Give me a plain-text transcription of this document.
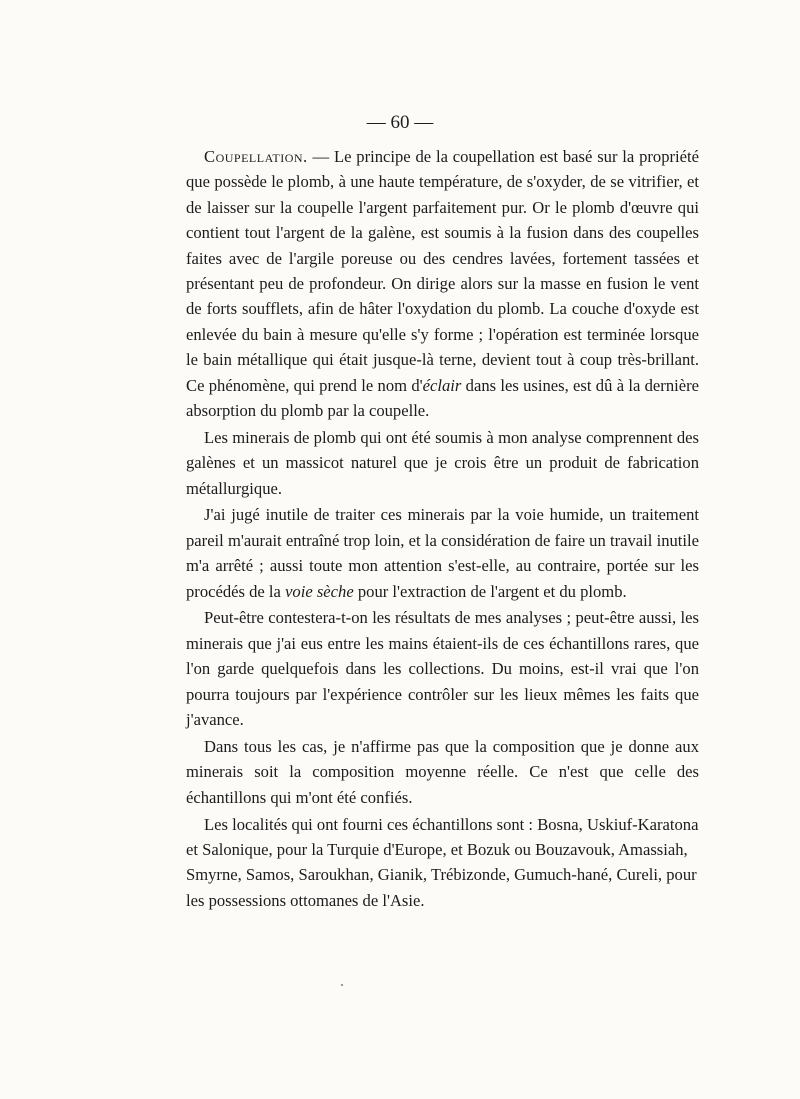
— 60 —

Coupellation. — Le principe de la coupellation est basé sur la propriété que possède le plomb, à une haute température, de s'oxyder, de se vitrifier, et de laisser sur la coupelle l'argent parfaitement pur. Or le plomb d'œuvre qui contient tout l'argent de la galène, est soumis à la fusion dans des coupelles faites avec de l'argile poreuse ou des cendres lavées, fortement tassées et présentant peu de profondeur. On dirige alors sur la masse en fusion le vent de forts soufflets, afin de hâter l'oxydation du plomb. La couche d'oxyde est enlevée du bain à mesure qu'elle s'y forme ; l'opération est terminée lorsque le bain métallique qui était jusque-là terne, devient tout à coup très-brillant. Ce phénomène, qui prend le nom d'éclair dans les usines, est dû à la dernière absorption du plomb par la coupelle.

Les minerais de plomb qui ont été soumis à mon analyse comprennent des galènes et un massicot naturel que je crois être un produit de fabrication métallurgique.

J'ai jugé inutile de traiter ces minerais par la voie humide, un traitement pareil m'aurait entraîné trop loin, et la considération de faire un travail inutile m'a arrêté ; aussi toute mon attention s'est-elle, au contraire, portée sur les procédés de la voie sèche pour l'extraction de l'argent et du plomb.

Peut-être contestera-t-on les résultats de mes analyses ; peut-être aussi, les minerais que j'ai eus entre les mains étaient-ils de ces échantillons rares, que l'on garde quelquefois dans les collections. Du moins, est-il vrai que l'on pourra toujours par l'expérience contrôler sur les lieux mêmes les faits que j'avance.

Dans tous les cas, je n'affirme pas que la composition que je donne aux minerais soit la composition moyenne réelle. Ce n'est que celle des échantillons qui m'ont été confiés.

Les localités qui ont fourni ces échantillons sont : Bosna, Uskiuf-Karatona et Salonique, pour la Turquie d'Europe, et Bozuk ou Bouzavouk, Amassiah, Smyrne, Samos, Saroukhan, Gianik, Trébizonde, Gumuch-hané, Cureli, pour les possessions ottomanes de l'Asie.
